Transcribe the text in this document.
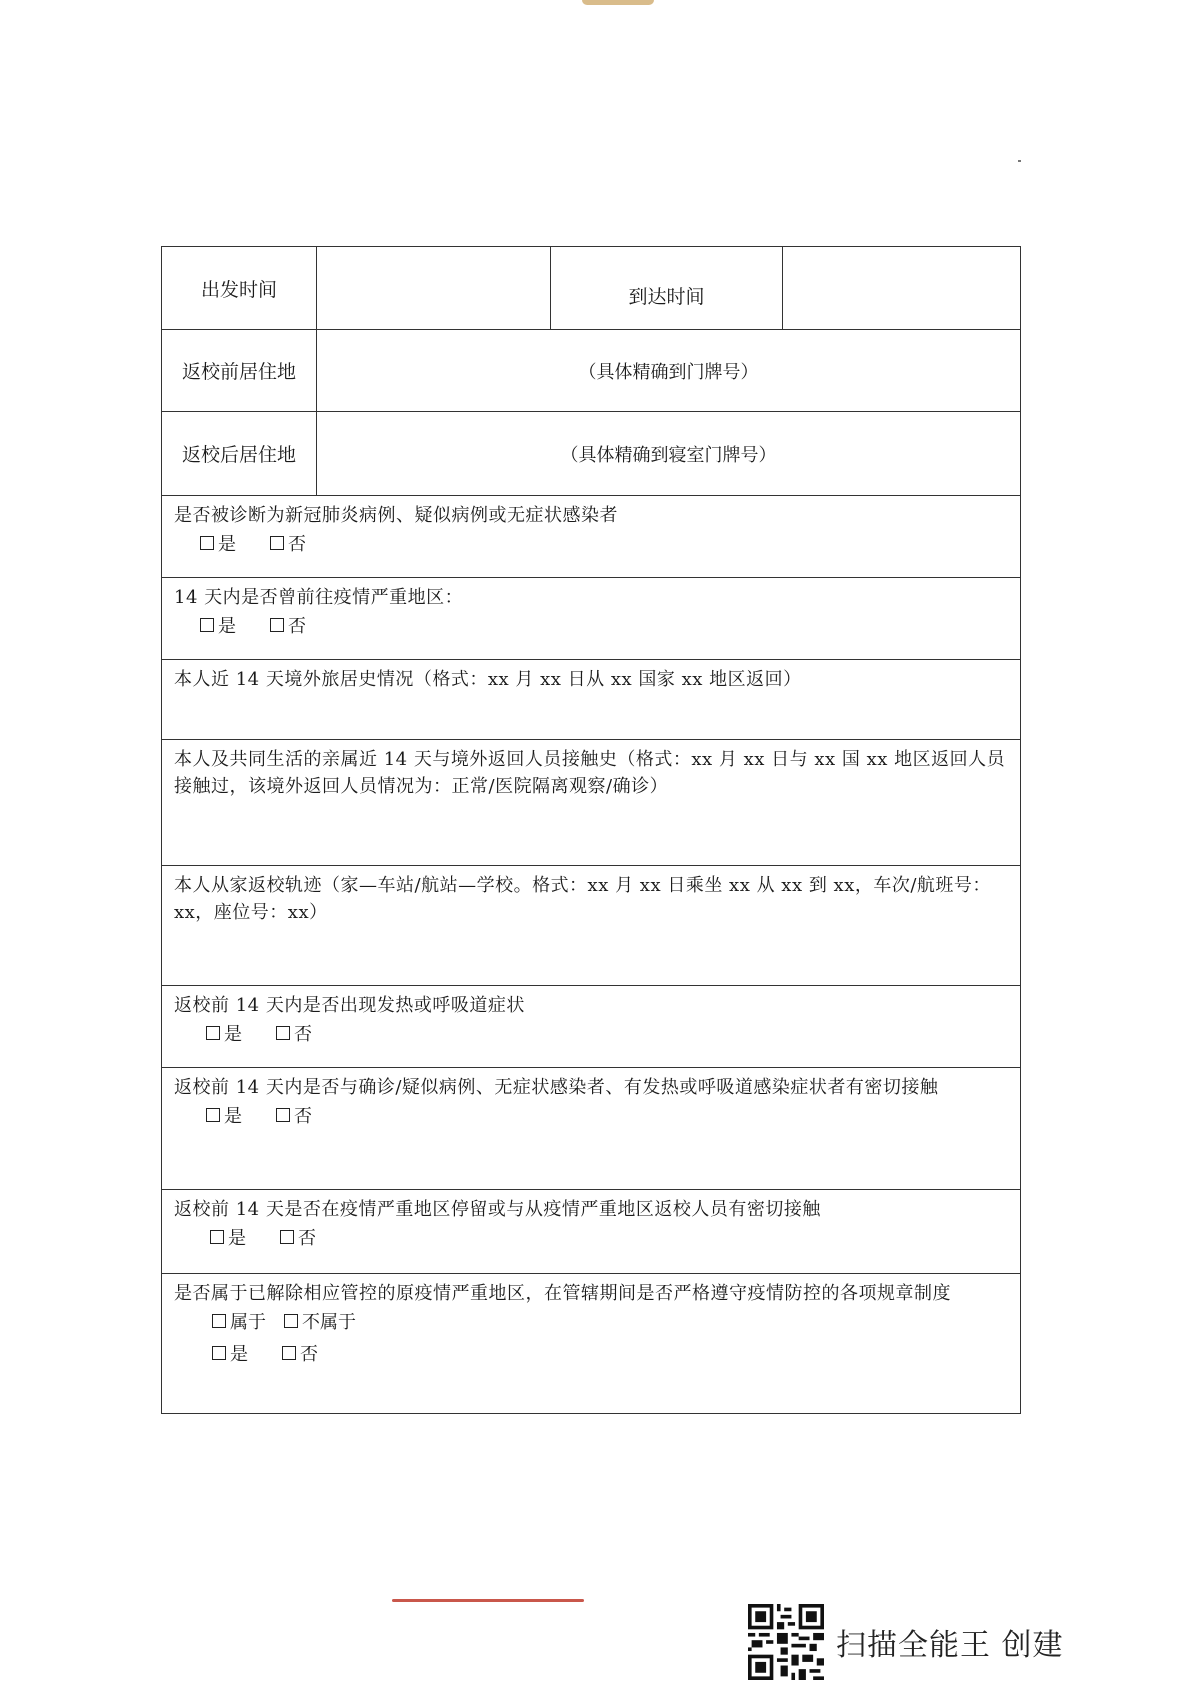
出发时间	到达时间
返校前居住地	（具体精确到门牌号）
返校后居住地	（具体精确到寝室门牌号）
是否被诊断为新冠肺炎病例、疑似病例或无症状感染者
是	否
14 天内是否曾前往疫情严重地区：
是	否
本人近 14 天境外旅居史情况（格式：xx 月 xx 日从 xx 国家 xx 地区返回）
本人及共同生活的亲属近 14 天与境外返回人员接触史（格式：xx 月 xx 日与 xx 国 xx 地区返回人员接触过，该境外返回人员情况为：正常/医院隔离观察/确诊）
本人从家返校轨迹（家—车站/航站—学校。格式：xx 月 xx 日乘坐 xx 从 xx 到 xx，车次/航班号：xx，座位号：xx）
返校前 14 天内是否出现发热或呼吸道症状
是	否
返校前 14 天内是否与确诊/疑似病例、无症状感染者、有发热或呼吸道感染症状者有密切接触
是	否
返校前 14 天是否在疫情严重地区停留或与从疫情严重地区返校人员有密切接触
是	否
是否属于已解除相应管控的原疫情严重地区，在管辖期间是否严格遵守疫情防控的各项规章制度
属于 不属于
是	否
扫描全能王 创建
